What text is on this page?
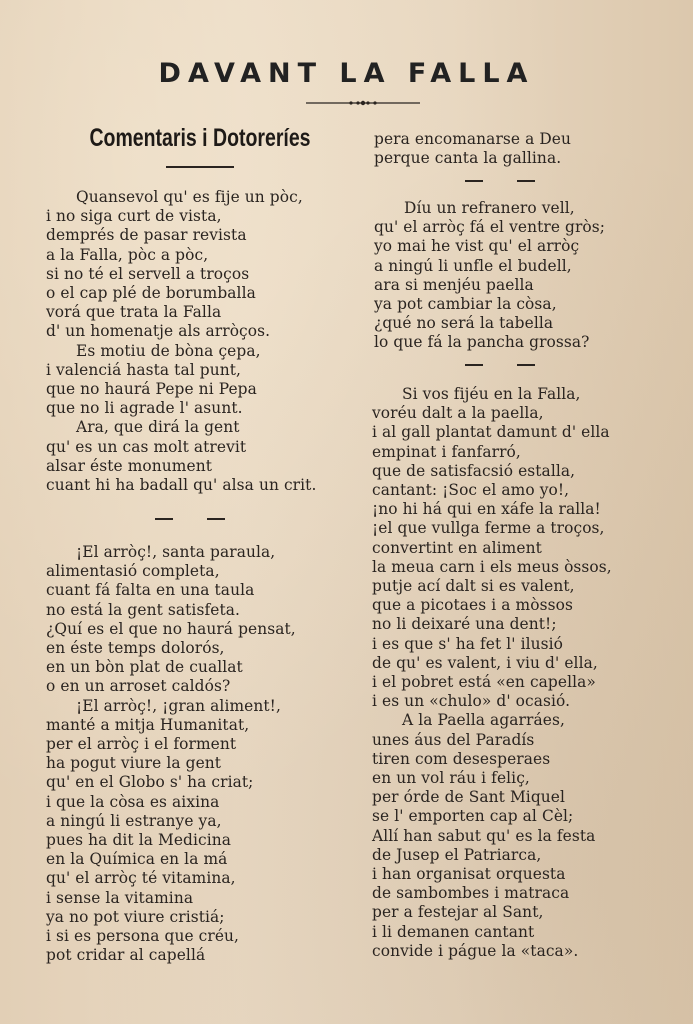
DAVANT LA FALLA
Comentaris i Dotoreríes
Quansevol qu' es fije un pòc,
i no siga curt de vista,
demprés de pasar revista
a la Falla, pòc a pòc,
si no té el servell a troços
o el cap plé de borumballa
vorá que trata la Falla
d' un homenatje als arròços.
Es motiu de bòna çepa,
i valenciá hasta tal punt,
que no haurá Pepe ni Pepa
que no li agrade l' asunt.
Ara, que dirá la gent
qu' es un cas molt atrevit
alsar éste monument
cuant hi ha badall qu' alsa un crit.
¡El arròç!, santa paraula,
alimentasió completa,
cuant fá falta en una taula
no está la gent satisfeta.
¿Quí es el que no haurá pensat,
en éste temps dolorós,
en un bòn plat de cuallat
o en un arroset caldós?
¡El arròç!, ¡gran aliment!,
manté a mitja Humanitat,
per el arròç i el forment
ha pogut viure la gent
qu' en el Globo s' ha criat;
i que la còsa es aixina
a ningú li estranye ya,
pues ha dit la Medicina
en la Química en la má
qu' el arròç té vitamina,
i sense la vitamina
ya no pot viure cristiá;
i si es persona que créu,
pot cridar al capellá
pera encomanarse a Deu
perque canta la gallina.
Díu un refranero vell,
qu' el arròç fá el ventre gròs;
yo mai he vist qu' el arròç
a ningú li unfle el budell,
ara si menjéu paella
ya pot cambiar la còsa,
¿qué no será la tabella
lo que fá la pancha grossa?
Si vos fijéu en la Falla,
voréu dalt a la paella,
i al gall plantat damunt d' ella
empinat i fanfarró,
que de satisfacsió estalla,
cantant: ¡Soc el amo yo!,
¡no hi há qui en xáfe la ralla!
¡el que vullga ferme a troços,
convertint en aliment
la meua carn i els meus òssos,
putje ací dalt si es valent,
que a picotaes i a mòssos
no li deixaré una dent!;
i es que s' ha fet l' ilusió
de qu' es valent, i viu d' ella,
i el pobret está «en capella»
i es un «chulo» d' ocasió.
A la Paella agarráes,
unes áus del Paradís
tiren com desesperaes
en un vol ráu i feliç,
per órde de Sant Miquel
se l' emporten cap al Cèl;
Allí han sabut qu' es la festa
de Jusep el Patriarca,
i han organisat orquesta
de sambombes i matraca
per a festejar al Sant,
i li demanen cantant
convide i págue la «taca».
